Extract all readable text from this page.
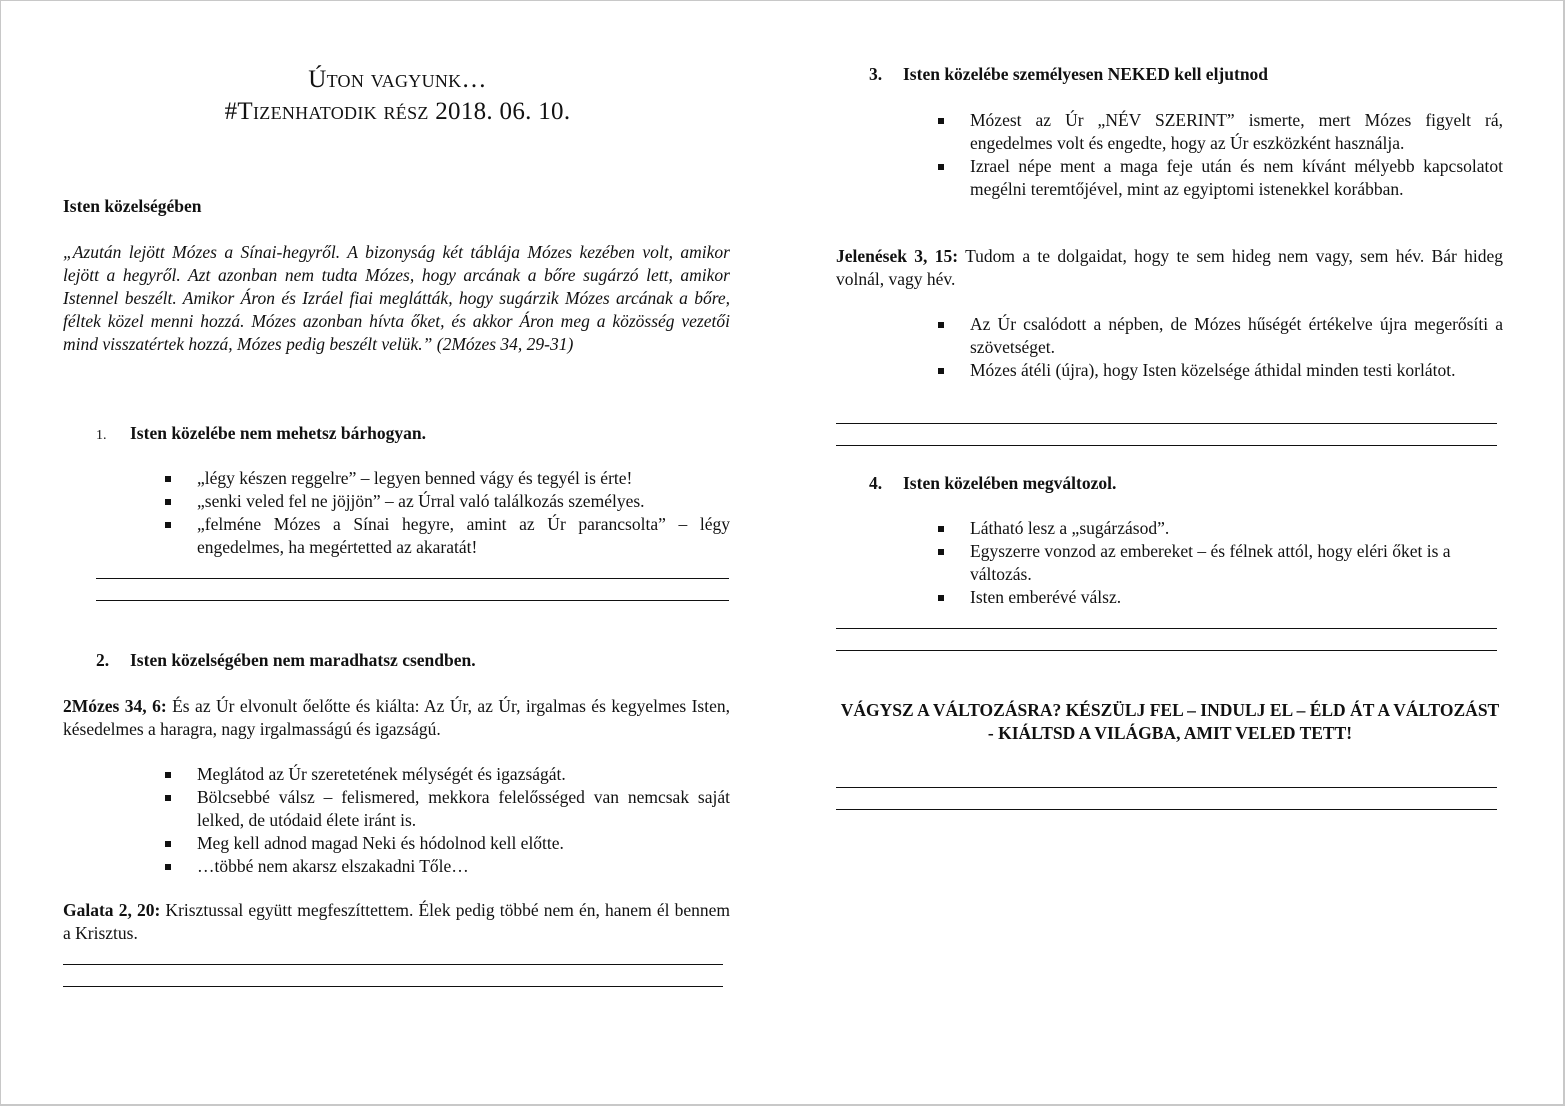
Úton vagyunk…
#Tizenhatodik rész 2018. 06. 10.
Isten közelségében
„Azután lejött Mózes a Sínai-hegyről. A bizonyság két táblája Mózes kezében volt, amikor lejött a hegyről. Azt azonban nem tudta Mózes, hogy arcának a bőre sugárzó lett, amikor Istennel beszélt. Amikor Áron és Izráel fiai meglátták, hogy sugárzik Mózes arcának a bőre, féltek közel menni hozzá. Mózes azonban hívta őket, és akkor Áron meg a közösség vezetői mind visszatértek hozzá, Mózes pedig beszélt velük.” (2Mózes 34, 29-31)
1. Isten közelébe nem mehetsz bárhogyan.
„légy készen reggelre” – legyen benned vágy és tegyél is érte!
„senki veled fel ne jöjjön” – az Úrral való találkozás személyes.
„felméne Mózes a Sínai hegyre, amint az Úr parancsolta” – légy engedelmes, ha megértetted az akaratát!
2. Isten közelségében nem maradhatsz csendben.
2Mózes 34, 6: És az Úr elvonult őelőtte és kiálta: Az Úr, az Úr, irgalmas és kegyelmes Isten, késedelmes a haragra, nagy irgalmasságú és igazságú.
Meglátod az Úr szeretetének mélységét és igazságát.
Bölcsebbé válsz – felismered, mekkora felelősséged van nemcsak saját lelked, de utódaid élete iránt is.
Meg kell adnod magad Neki és hódolnod kell előtte.
…többé nem akarsz elszakadni Tőle…
Galata 2, 20: Krisztussal együtt megfeszíttettem. Élek pedig többé nem én, hanem él bennem a Krisztus.
3. Isten közelébe személyesen NEKED kell eljutnod
Mózest az Úr „NÉV SZERINT” ismerte, mert Mózes figyelt rá, engedelmes volt és engedte, hogy az Úr eszközként használja.
Izrael népe ment a maga feje után és nem kívánt mélyebb kapcsolatot megélni teremtőjével, mint az egyiptomi istenekkel korábban.
Jelenések 3, 15: Tudom a te dolgaidat, hogy te sem hideg nem vagy, sem hév. Bár hideg volnál, vagy hév.
Az Úr csalódott a népben, de Mózes hűségét értékelve újra megerősíti a szövetséget.
Mózes átéli (újra), hogy Isten közelsége áthidal minden testi korlátot.
4. Isten közelében megváltozol.
Látható lesz a „sugárzásod”.
Egyszerre vonzod az embereket – és félnek attól, hogy eléri őket is a változás.
Isten emberévé válsz.
VÁGYSZ A VÁLTOZÁSRA? KÉSZÜLJ FEL – INDULJ EL – ÉLD ÁT A VÁLTOZÁST
- KIÁLTSD A VILÁGBA, AMIT VELED TETT!
